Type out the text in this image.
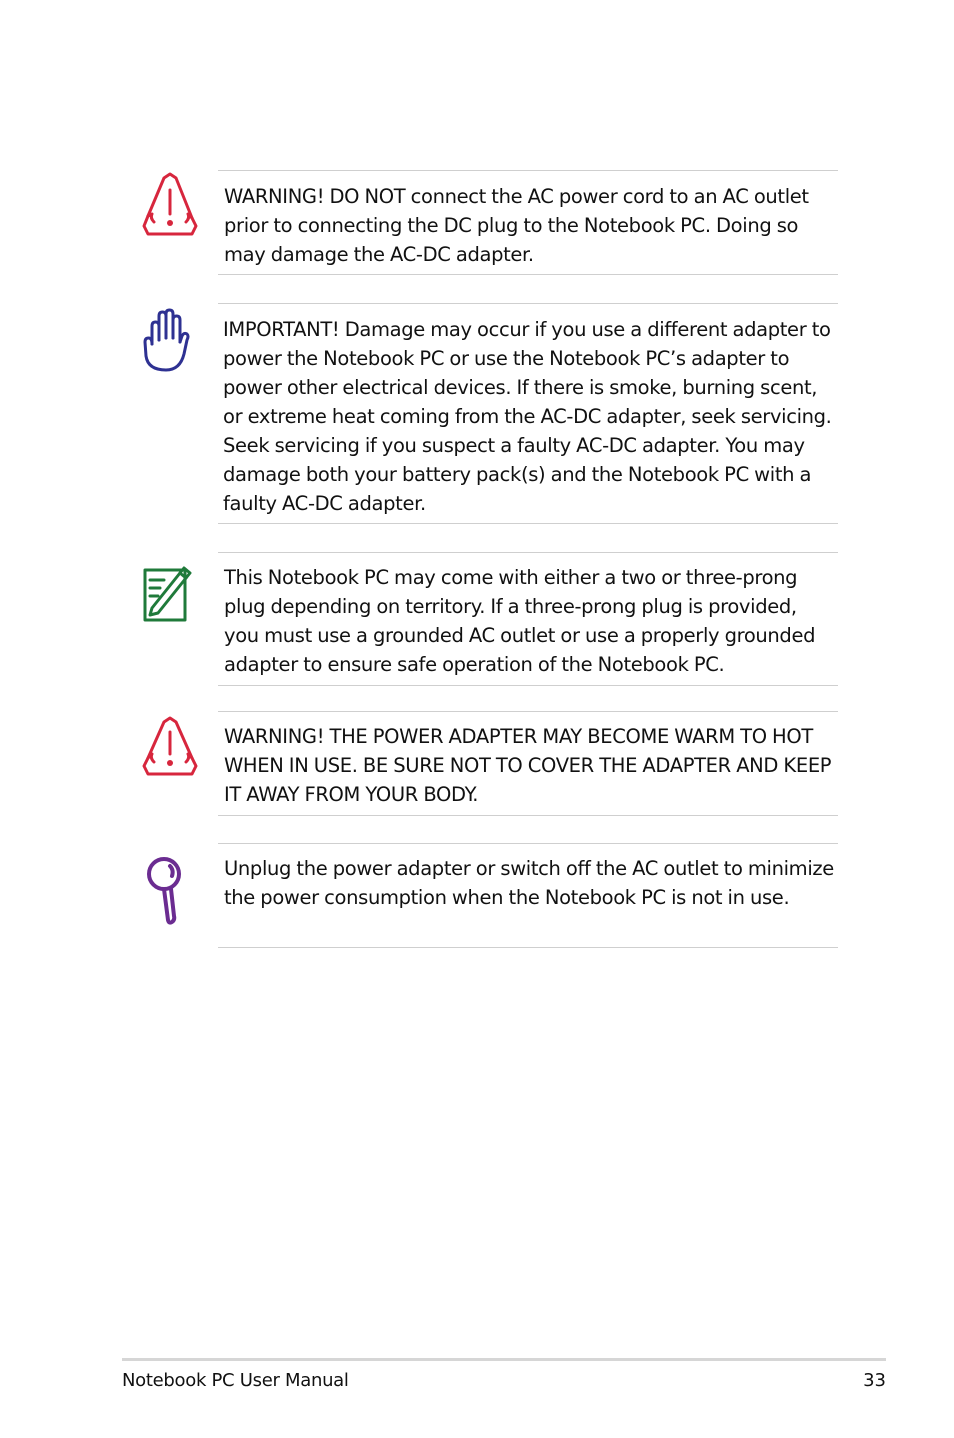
WARNING! DO NOT connect the AC power cord to an AC outlet prior to connecting the DC plug to the Notebook PC. Doing so may damage the AC-DC adapter.

IMPORTANT! Damage may occur if you use a different adapter to power the Notebook PC or use the Notebook PC’s adapter to power other electrical devices. If there is smoke, burning scent, or extreme heat coming from the AC-DC adapter, seek servicing. Seek servicing if you suspect a faulty AC-DC adapter. You may damage both your battery pack(s) and the Notebook PC with a faulty AC-DC adapter.

This Notebook PC may come with either a two or three-prong plug depending on territory. If a three-prong plug is provided, you must use a grounded AC outlet or use a properly grounded adapter to ensure safe operation of the Notebook PC.

WARNING! THE POWER ADAPTER MAY BECOME WARM TO HOT WHEN IN USE. BE SURE NOT TO COVER THE ADAPTER AND KEEP IT AWAY FROM YOUR BODY.

Unplug the power adapter or switch off the AC outlet to minimize the power consumption when the Notebook PC is not in use.

Notebook PC User Manual	33
